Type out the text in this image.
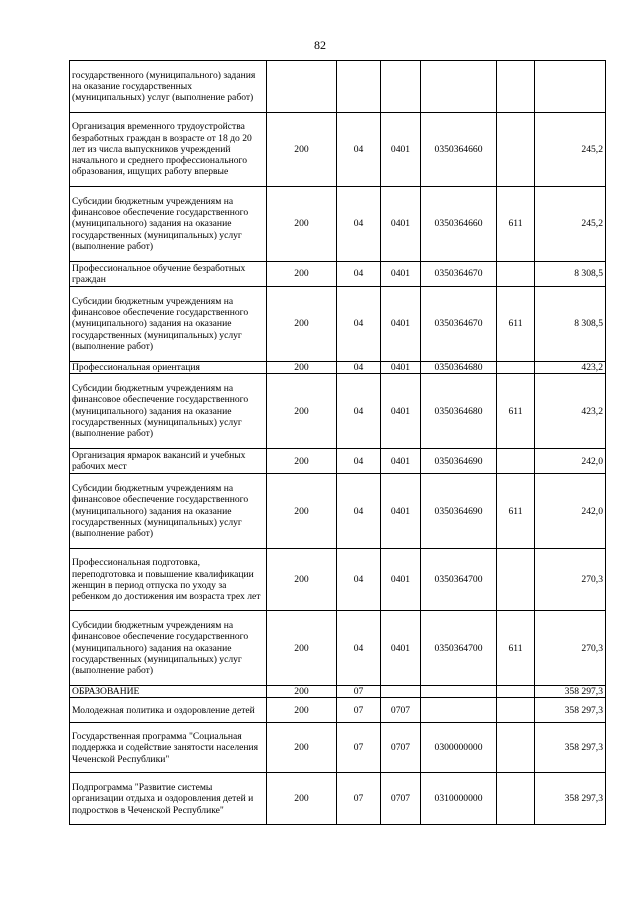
82
государственного (муниципального) задания на оказание государственных (муниципальных) услуг (выполнение работ)						
Организация временного трудоустройства безработных граждан в возрасте от 18 до 20 лет из числа выпускников учреждений начального и среднего профессионального образования, ищущих работу впервые	200	04	0401	0350364660		245,2
Субсидии бюджетным учреждениям на финансовое обеспечение государственного (муниципального) задания на оказание государственных (муниципальных) услуг (выполнение работ)	200	04	0401	0350364660	611	245,2
Профессиональное обучение безработных граждан	200	04	0401	0350364670		8 308,5
Субсидии бюджетным учреждениям на финансовое обеспечение государственного (муниципального) задания на оказание государственных (муниципальных) услуг (выполнение работ)	200	04	0401	0350364670	611	8 308,5
Профессиональная ориентация	200	04	0401	0350364680		423,2
Субсидии бюджетным учреждениям на финансовое обеспечение государственного (муниципального) задания на оказание государственных (муниципальных) услуг (выполнение работ)	200	04	0401	0350364680	611	423,2
Организация ярмарок вакансий и учебных рабочих мест	200	04	0401	0350364690		242,0
Субсидии бюджетным учреждениям на финансовое обеспечение государственного (муниципального) задания на оказание государственных (муниципальных) услуг (выполнение работ)	200	04	0401	0350364690	611	242,0
Профессиональная подготовка, переподготовка и повышение квалификации женщин в период отпуска по уходу за ребенком до достижения им возраста трех лет	200	04	0401	0350364700		270,3
Субсидии бюджетным учреждениям на финансовое обеспечение государственного (муниципального) задания на оказание государственных (муниципальных) услуг (выполнение работ)	200	04	0401	0350364700	611	270,3
ОБРАЗОВАНИЕ	200	07				358 297,3
Молодежная политика и оздоровление детей	200	07	0707			358 297,3
Государственная программа "Социальная поддержка и содействие занятости населения Чеченской Республики"	200	07	0707	0300000000		358 297,3
Подпрограмма "Развитие системы организации отдыха и оздоровления детей и подростков в Чеченской Республике"	200	07	0707	0310000000		358 297,3
